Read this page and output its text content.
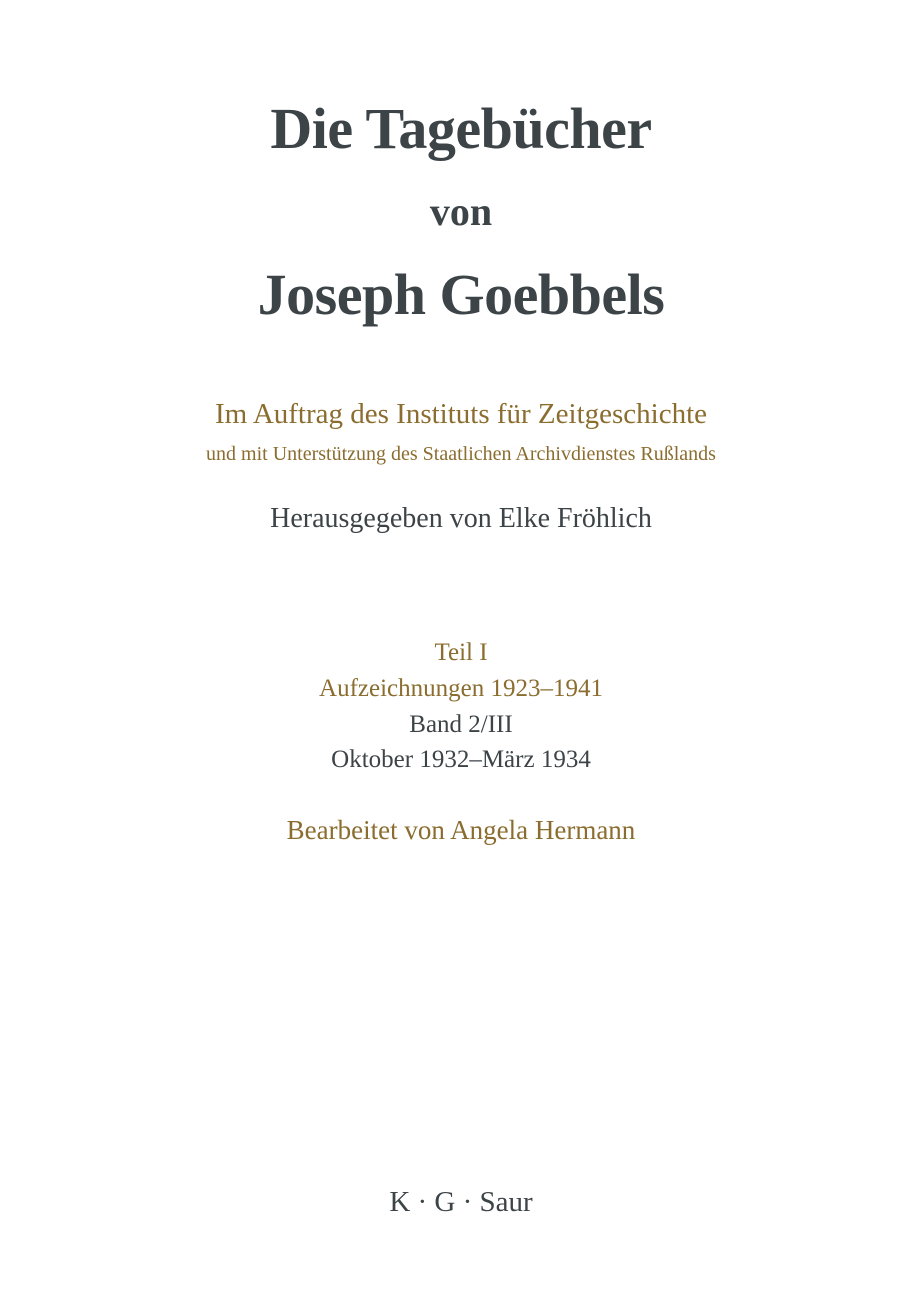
Die Tagebücher
von
Joseph Goebbels

Im Auftrag des Instituts für Zeitgeschichte

und mit Unterstützung des Staatlichen Archivdienstes Rußlands

Herausgegeben von Elke Fröhlich

Teil I

Aufzeichnungen 1923–1941

Band 2/III

Oktober 1932–März 1934

Bearbeitet von Angela Hermann

K · G · Saur
